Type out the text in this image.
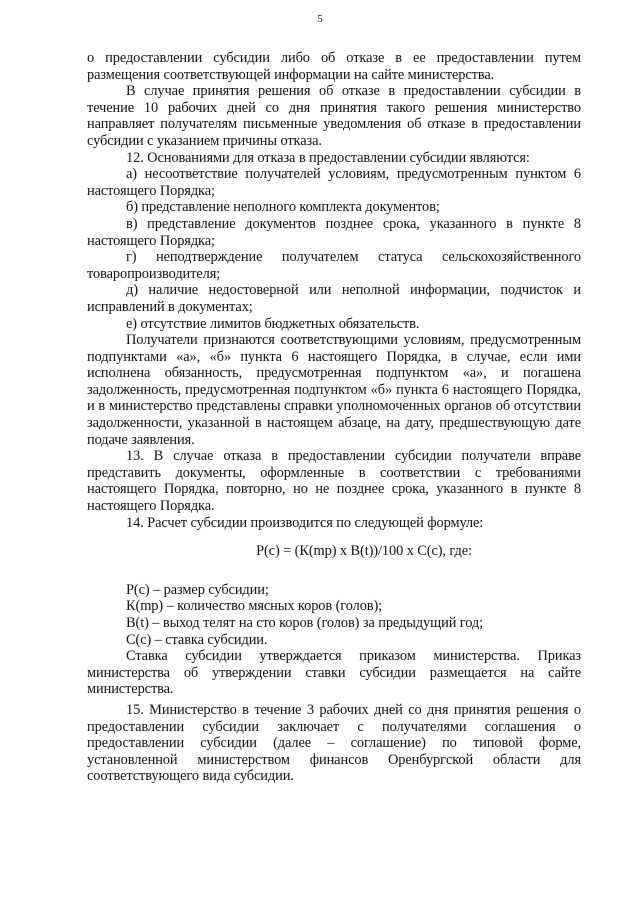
5

о предоставлении субсидии либо об отказе в ее предоставлении путем размещения соответствующей информации на сайте министерства.

В случае принятия решения об отказе в предоставлении субсидии в течение 10 рабочих дней со дня принятия такого решения министерство направляет получателям письменные уведомления об отказе в предоставлении субсидии с указанием причины отказа.

12. Основаниями для отказа в предоставлении субсидии являются:

а) несоответствие получателей условиям, предусмотренным пунктом 6 настоящего Порядка;

б) представление неполного комплекта документов;

в) представление документов позднее срока, указанного в пункте 8 настоящего Порядка;

г) неподтверждение получателем статуса сельскохозяйственного товаропроизводителя;

д) наличие недостоверной или неполной информации, подчисток и исправлений в документах;

е) отсутствие лимитов бюджетных обязательств.

Получатели признаются соответствующими условиям, предусмотренным подпунктами «а», «б» пункта 6 настоящего Порядка, в случае, если ими исполнена обязанность, предусмотренная подпунктом «а», и погашена задолженность, предусмотренная подпунктом «б» пункта 6 настоящего Порядка, и в министерство представлены справки уполномоченных органов об отсутствии задолженности, указанной в настоящем абзаце, на дату, предшествующую дате подаче заявления.

13. В случае отказа в предоставлении субсидии получатели вправе представить документы, оформленные в соответствии с требованиями настоящего Порядка, повторно, но не позднее срока, указанного в пункте 8 настоящего Порядка.

14. Расчет субсидии производится по следующей формуле:

Р(с) = (К(mp) х В(t))/100 х С(с), где:

Р(с) – размер субсидии;

К(mp) – количество мясных коров (голов);

В(t) – выход телят на сто коров (голов) за предыдущий год;

С(с) – ставка субсидии.

Ставка субсидии утверждается приказом министерства. Приказ министерства об утверждении ставки субсидии размещается на сайте министерства.

15. Министерство в течение 3 рабочих дней со дня принятия решения о предоставлении субсидии заключает с получателями соглашения о предоставлении субсидии (далее – соглашение) по типовой форме, установленной министерством финансов Оренбургской области для соответствующего вида субсидии.
